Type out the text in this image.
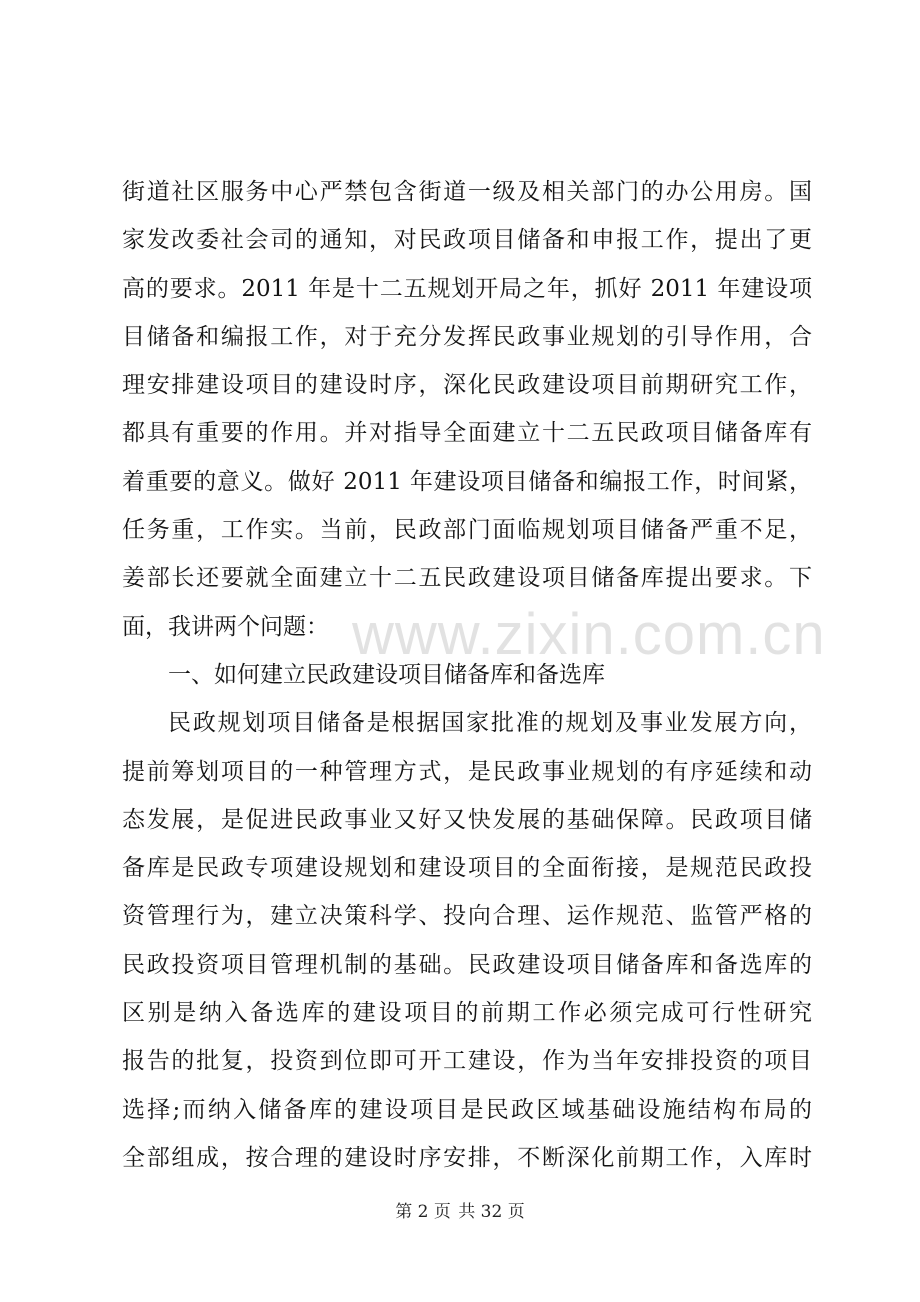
www.zixin.com.cn
街道社区服务中心严禁包含街道一级及相关部门的办公用房。国
家发改委社会司的通知，对民政项目储备和申报工作，提出了更
高的要求。2011 年是十二五规划开局之年，抓好 2011 年建设项
目储备和编报工作，对于充分发挥民政事业规划的引导作用，合
理安排建设项目的建设时序，深化民政建设项目前期研究工作，
都具有重要的作用。并对指导全面建立十二五民政项目储备库有
着重要的意义。做好 2011 年建设项目储备和编报工作，时间紧，
任务重，工作实。当前，民政部门面临规划项目储备严重不足，
姜部长还要就全面建立十二五民政建设项目储备库提出要求。下
面，我讲两个问题：
一、如何建立民政建设项目储备库和备选库
民政规划项目储备是根据国家批准的规划及事业发展方向，
提前筹划项目的一种管理方式，是民政事业规划的有序延续和动
态发展，是促进民政事业又好又快发展的基础保障。民政项目储
备库是民政专项建设规划和建设项目的全面衔接，是规范民政投
资管理行为，建立决策科学、投向合理、运作规范、监管严格的
民政投资项目管理机制的基础。民政建设项目储备库和备选库的
区别是纳入备选库的建设项目的前期工作必须完成可行性研究
报告的批复，投资到位即可开工建设，作为当年安排投资的项目
选择;而纳入储备库的建设项目是民政区域基础设施结构布局的
全部组成，按合理的建设时序安排，不断深化前期工作，入库时
第 2 页 共 32 页
